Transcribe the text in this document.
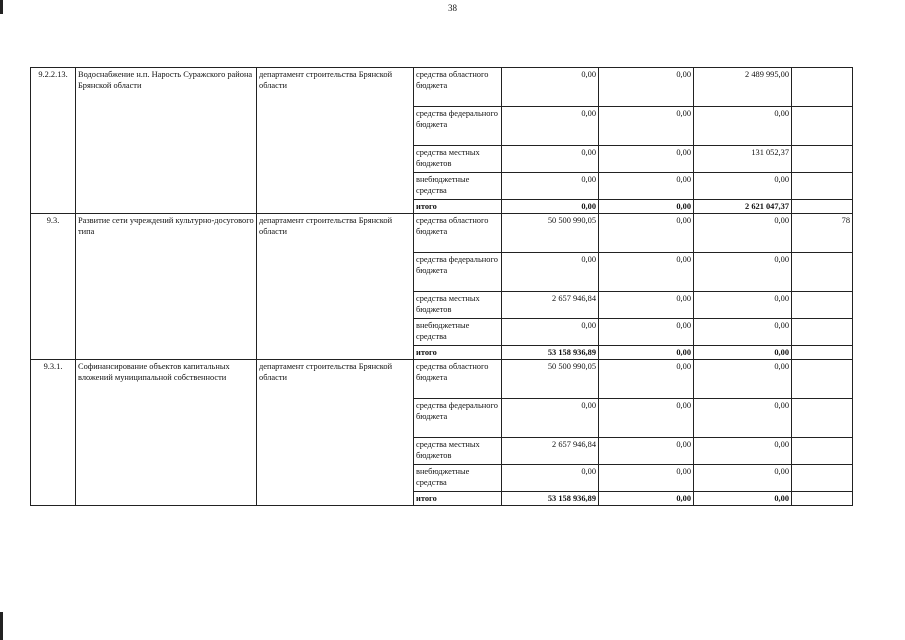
38
9.2.2.13.	Водоснабжение н.п. Нарость Суражского района Брянской области	департамент строительства Брянской области	средства областного бюджета	0,00	0,00	2 489 995,00	
			средства федерального бюджета	0,00	0,00	0,00	
			средства местных бюджетов	0,00	0,00	131 052,37	
			внебюджетные средства	0,00	0,00	0,00	
			итого	0,00	0,00	2 621 047,37	
9.3.	Развитие сети учреждений культурно-досугового типа	департамент строительства Брянской области	средства областного бюджета	50 500 990,05	0,00	0,00	78
			средства федерального бюджета	0,00	0,00	0,00	
			средства местных бюджетов	2 657 946,84	0,00	0,00	
			внебюджетные средства	0,00	0,00	0,00	
			итого	53 158 936,89	0,00	0,00	
9.3.1.	Софинансирование объектов капитальных вложений муниципальной собственности	департамент строительства Брянской области	средства областного бюджета	50 500 990,05	0,00	0,00	
			средства федерального бюджета	0,00	0,00	0,00	
			средства местных бюджетов	2 657 946,84	0,00	0,00	
			внебюджетные средства	0,00	0,00	0,00	
			итого	53 158 936,89	0,00	0,00	
